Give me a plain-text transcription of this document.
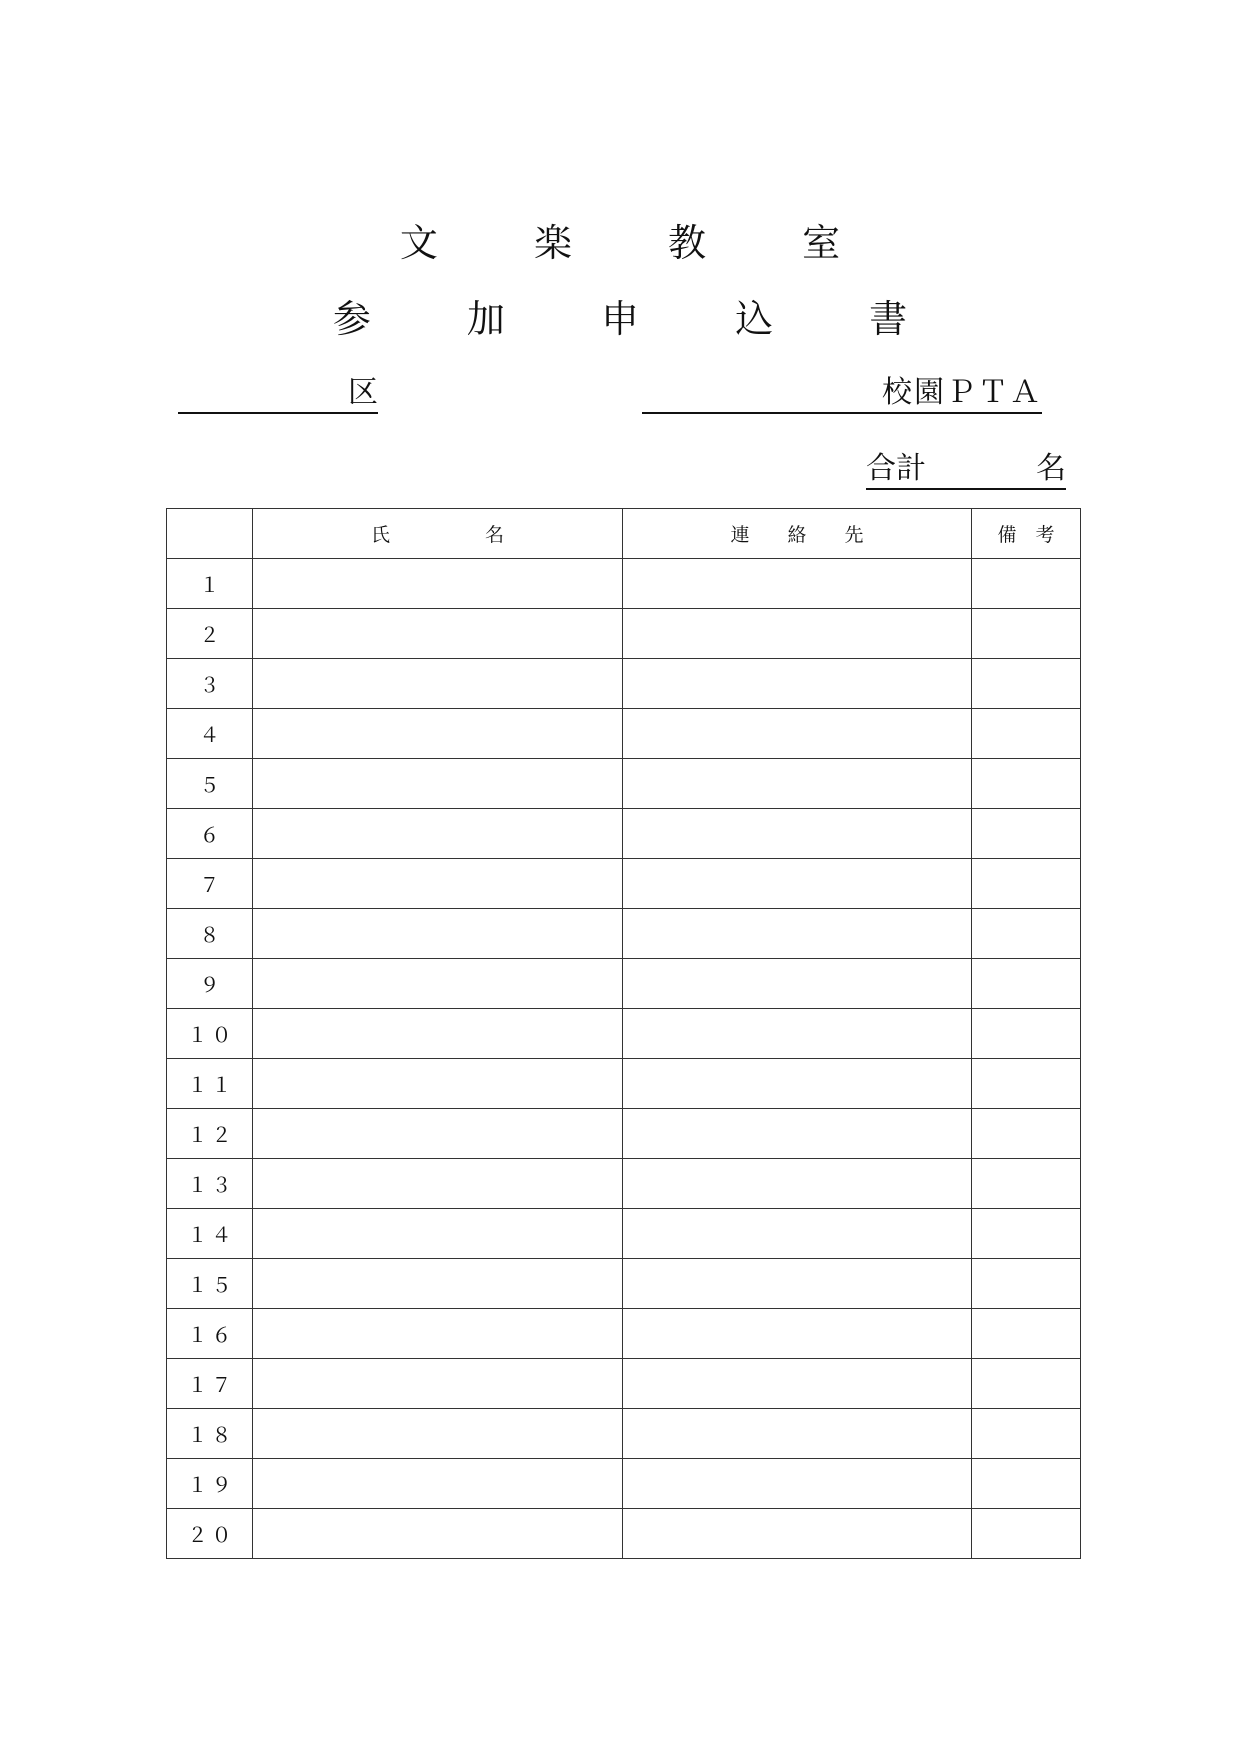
文 楽 教 室
参 加 申 込 書
区	校園ＰＴＡ
合計	名
	氏　　　　　名	連　　絡　　先	備　考
１			
２			
３			
４			
５			
６			
７			
８			
９			
１０			
１１			
１２			
１３			
１４			
１５			
１６			
１７			
１８			
１９			
２０			
